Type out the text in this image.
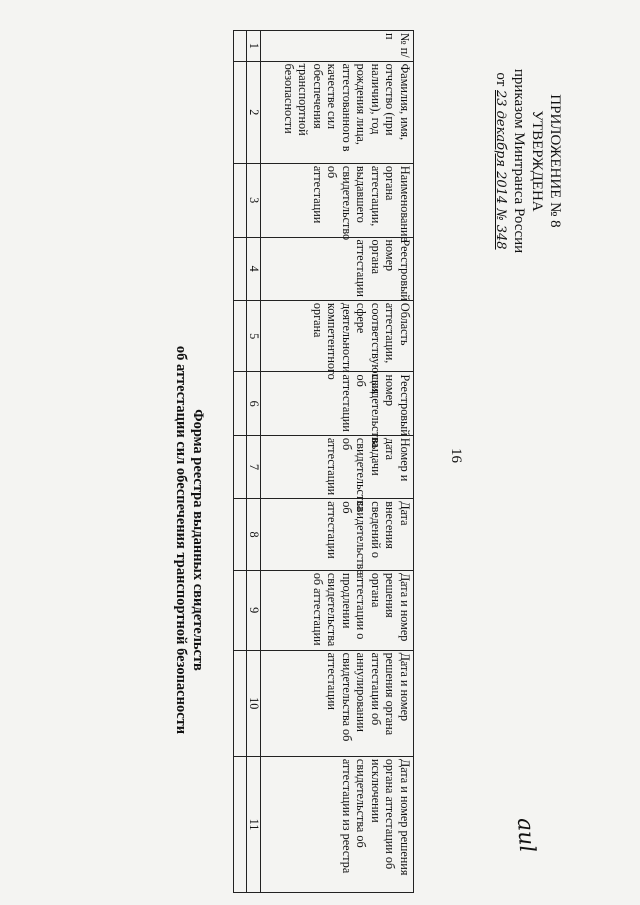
16
ПРИЛОЖЕНИЕ № 8
УТВЕРЖДЕНА
приказом Минтранса России
от 23 декабря 2014 № 348
aul
Форма реестра выданных свидетельств
об аттестации сил обеспечения транспортной безопасности
№ п/п	Фамилия, имя, отчество (при наличии), год рождения лица, аттестованного в качестве сил обеспечения транспортной безопасности	Наименование органа аттестации, выдавшего свидетельство об аттестации	Реестровый номер органа аттестации	Область аттестации, соответствующая сфере деятельности компетентного органа	Реестровый номер свидетельства об аттестации	Номер и дата выдачи свидетельства об аттестации	Дата внесения сведений о свидетельстве об аттестации	Дата и номер решения органа аттестации о продлении свидетельства об аттестации	Дата и номер решения органа аттестации об аннулировании свидетельства об аттестации	Дата и номер решения органа аттестации об исключении свидетельства об аттестации из реестра
1	2	3	4	5	6	7	8	9	10	11
